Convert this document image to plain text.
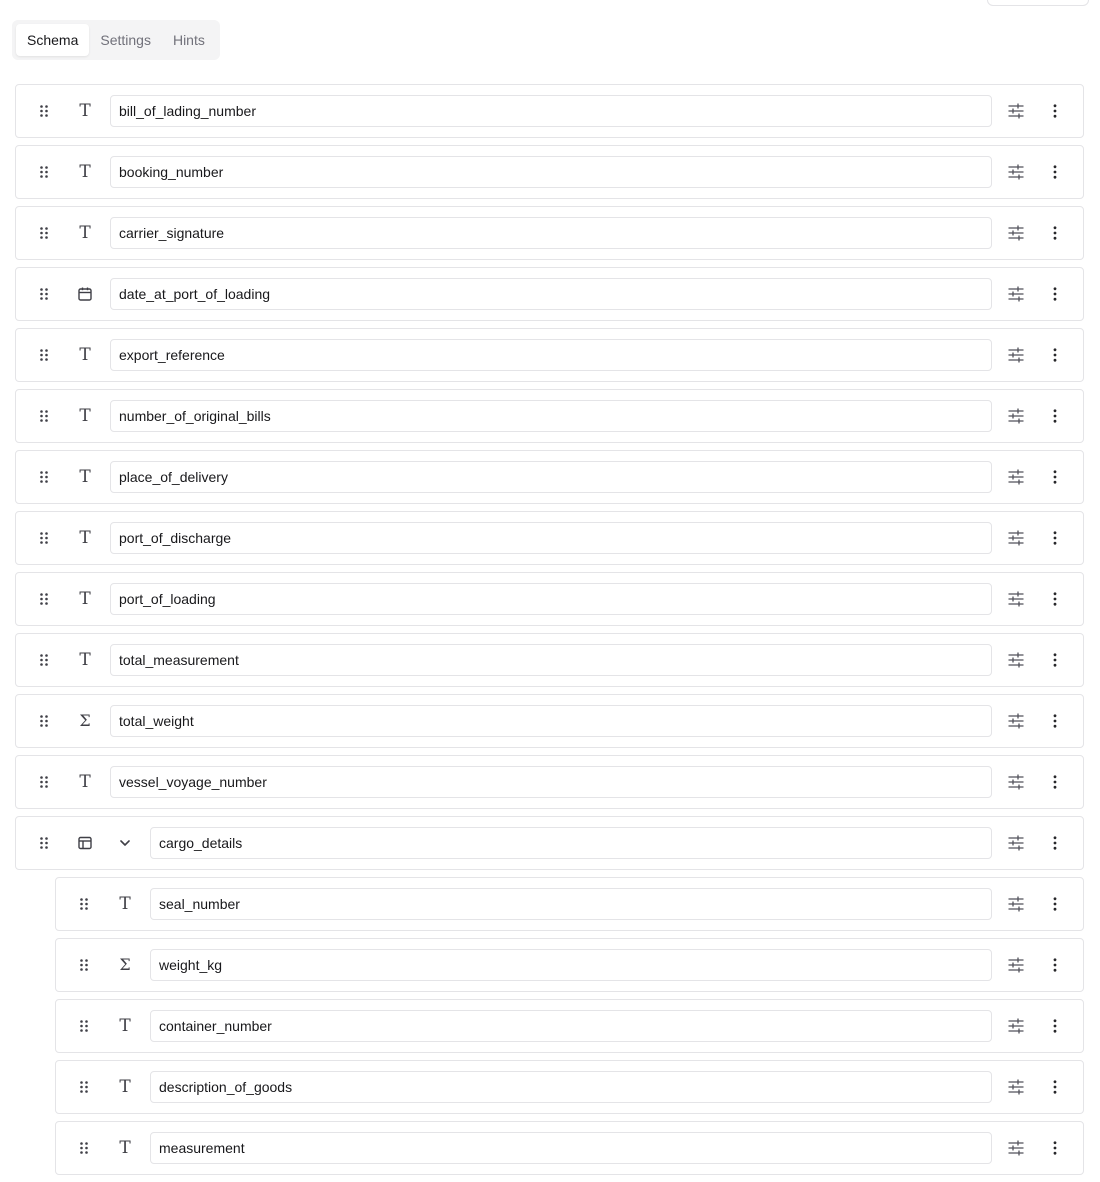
Schema	Settings	Hints
T
bill_of_lading_number
T
booking_number
T
carrier_signature
date_at_port_of_loading
T
export_reference
T
number_of_original_bills
T
place_of_delivery
T
port_of_discharge
T
port_of_loading
T
total_measurement
Σ
total_weight
T
vessel_voyage_number
cargo_details
T
seal_number
Σ
weight_kg
T
container_number
T
description_of_goods
T
measurement
